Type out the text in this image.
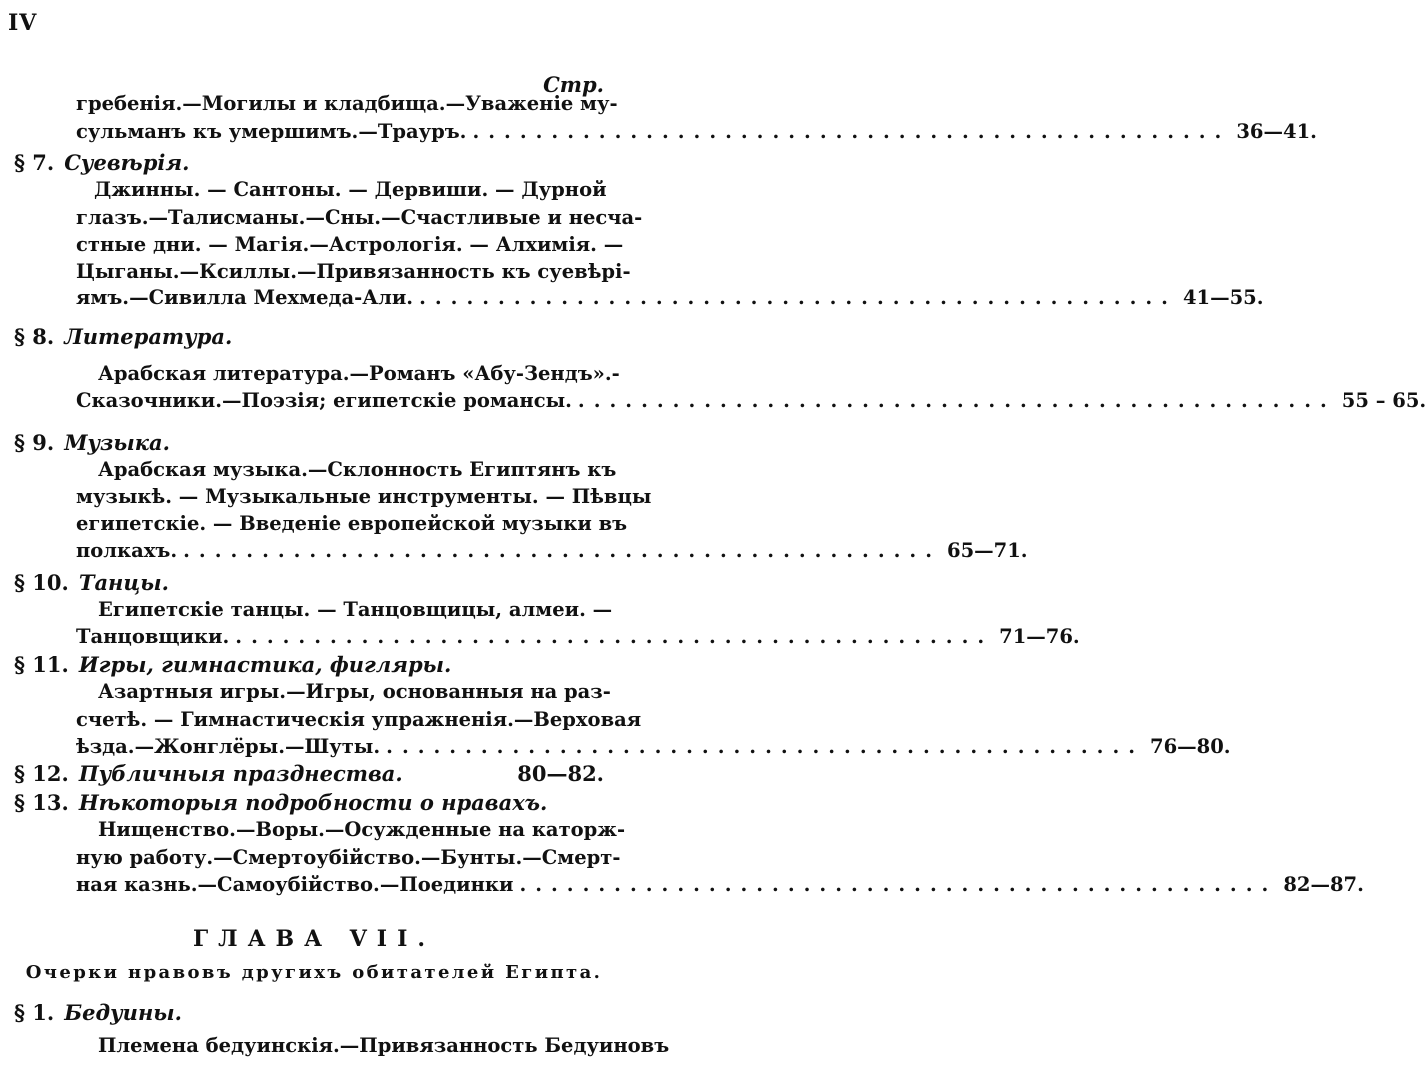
IV
Стр.
гребенія.—Могилы и кладбища.—Уваженіе му-
сульманъ къ умершимъ.—Трауръ. ................................................ 36—41.
§ 7. Суевѣрія.
Джинны. — Сантоны. — Дервиши. — Дурной
глазъ.—Талисманы.—Сны.—Счастливые и несча-
стные дни. — Магія.—Астрологія. — Алхимія. —
Цыганы.—Ксиллы.—Привязанность къ суевѣрі-
ямъ.—Сивилла Мехмеда-Али. ................................................ 41—55.
§ 8. Литература.
Арабская литература.—Романъ «Абу-Зендъ».-
Сказочники.—Поэзія; египетскіе романсы. ................................................ 55 – 65.
§ 9. Музыка.
Арабская музыка.—Склонность Египтянъ къ
музыкѣ. — Музыкальные инструменты. — Пѣвцы
египетскіе. — Введеніе европейской музыки въ
полкахъ. ................................................ 65—71.
§ 10. Танцы.
Египетскіе танцы. — Танцовщицы, алмеи. —
Танцовщики. ................................................ 71—76.
§ 11. Игры, гимнастика, фигляры.
Азартныя игры.—Игры, основанныя на раз-
счетѣ. — Гимнастическія упражненія.—Верховая
ѣзда.—Жонглёры.—Шуты. ................................................ 76—80.
§ 12. Публичныя празднества.	80—82.
§ 13. Нѣкоторыя подробности о нравахъ.
Нищенство.—Воры.—Осужденные на каторж-
ную работу.—Смертоубійство.—Бунты.—Смерт-
ная казнь.—Самоубійство.—Поединки ................................................ 82—87.
ГЛАВА VII.
Очерки нравовъ другихъ обитателей Египта.
§ 1. Бедуины.
Племена бедуинскія.—Привязанность Бедуиновъ
